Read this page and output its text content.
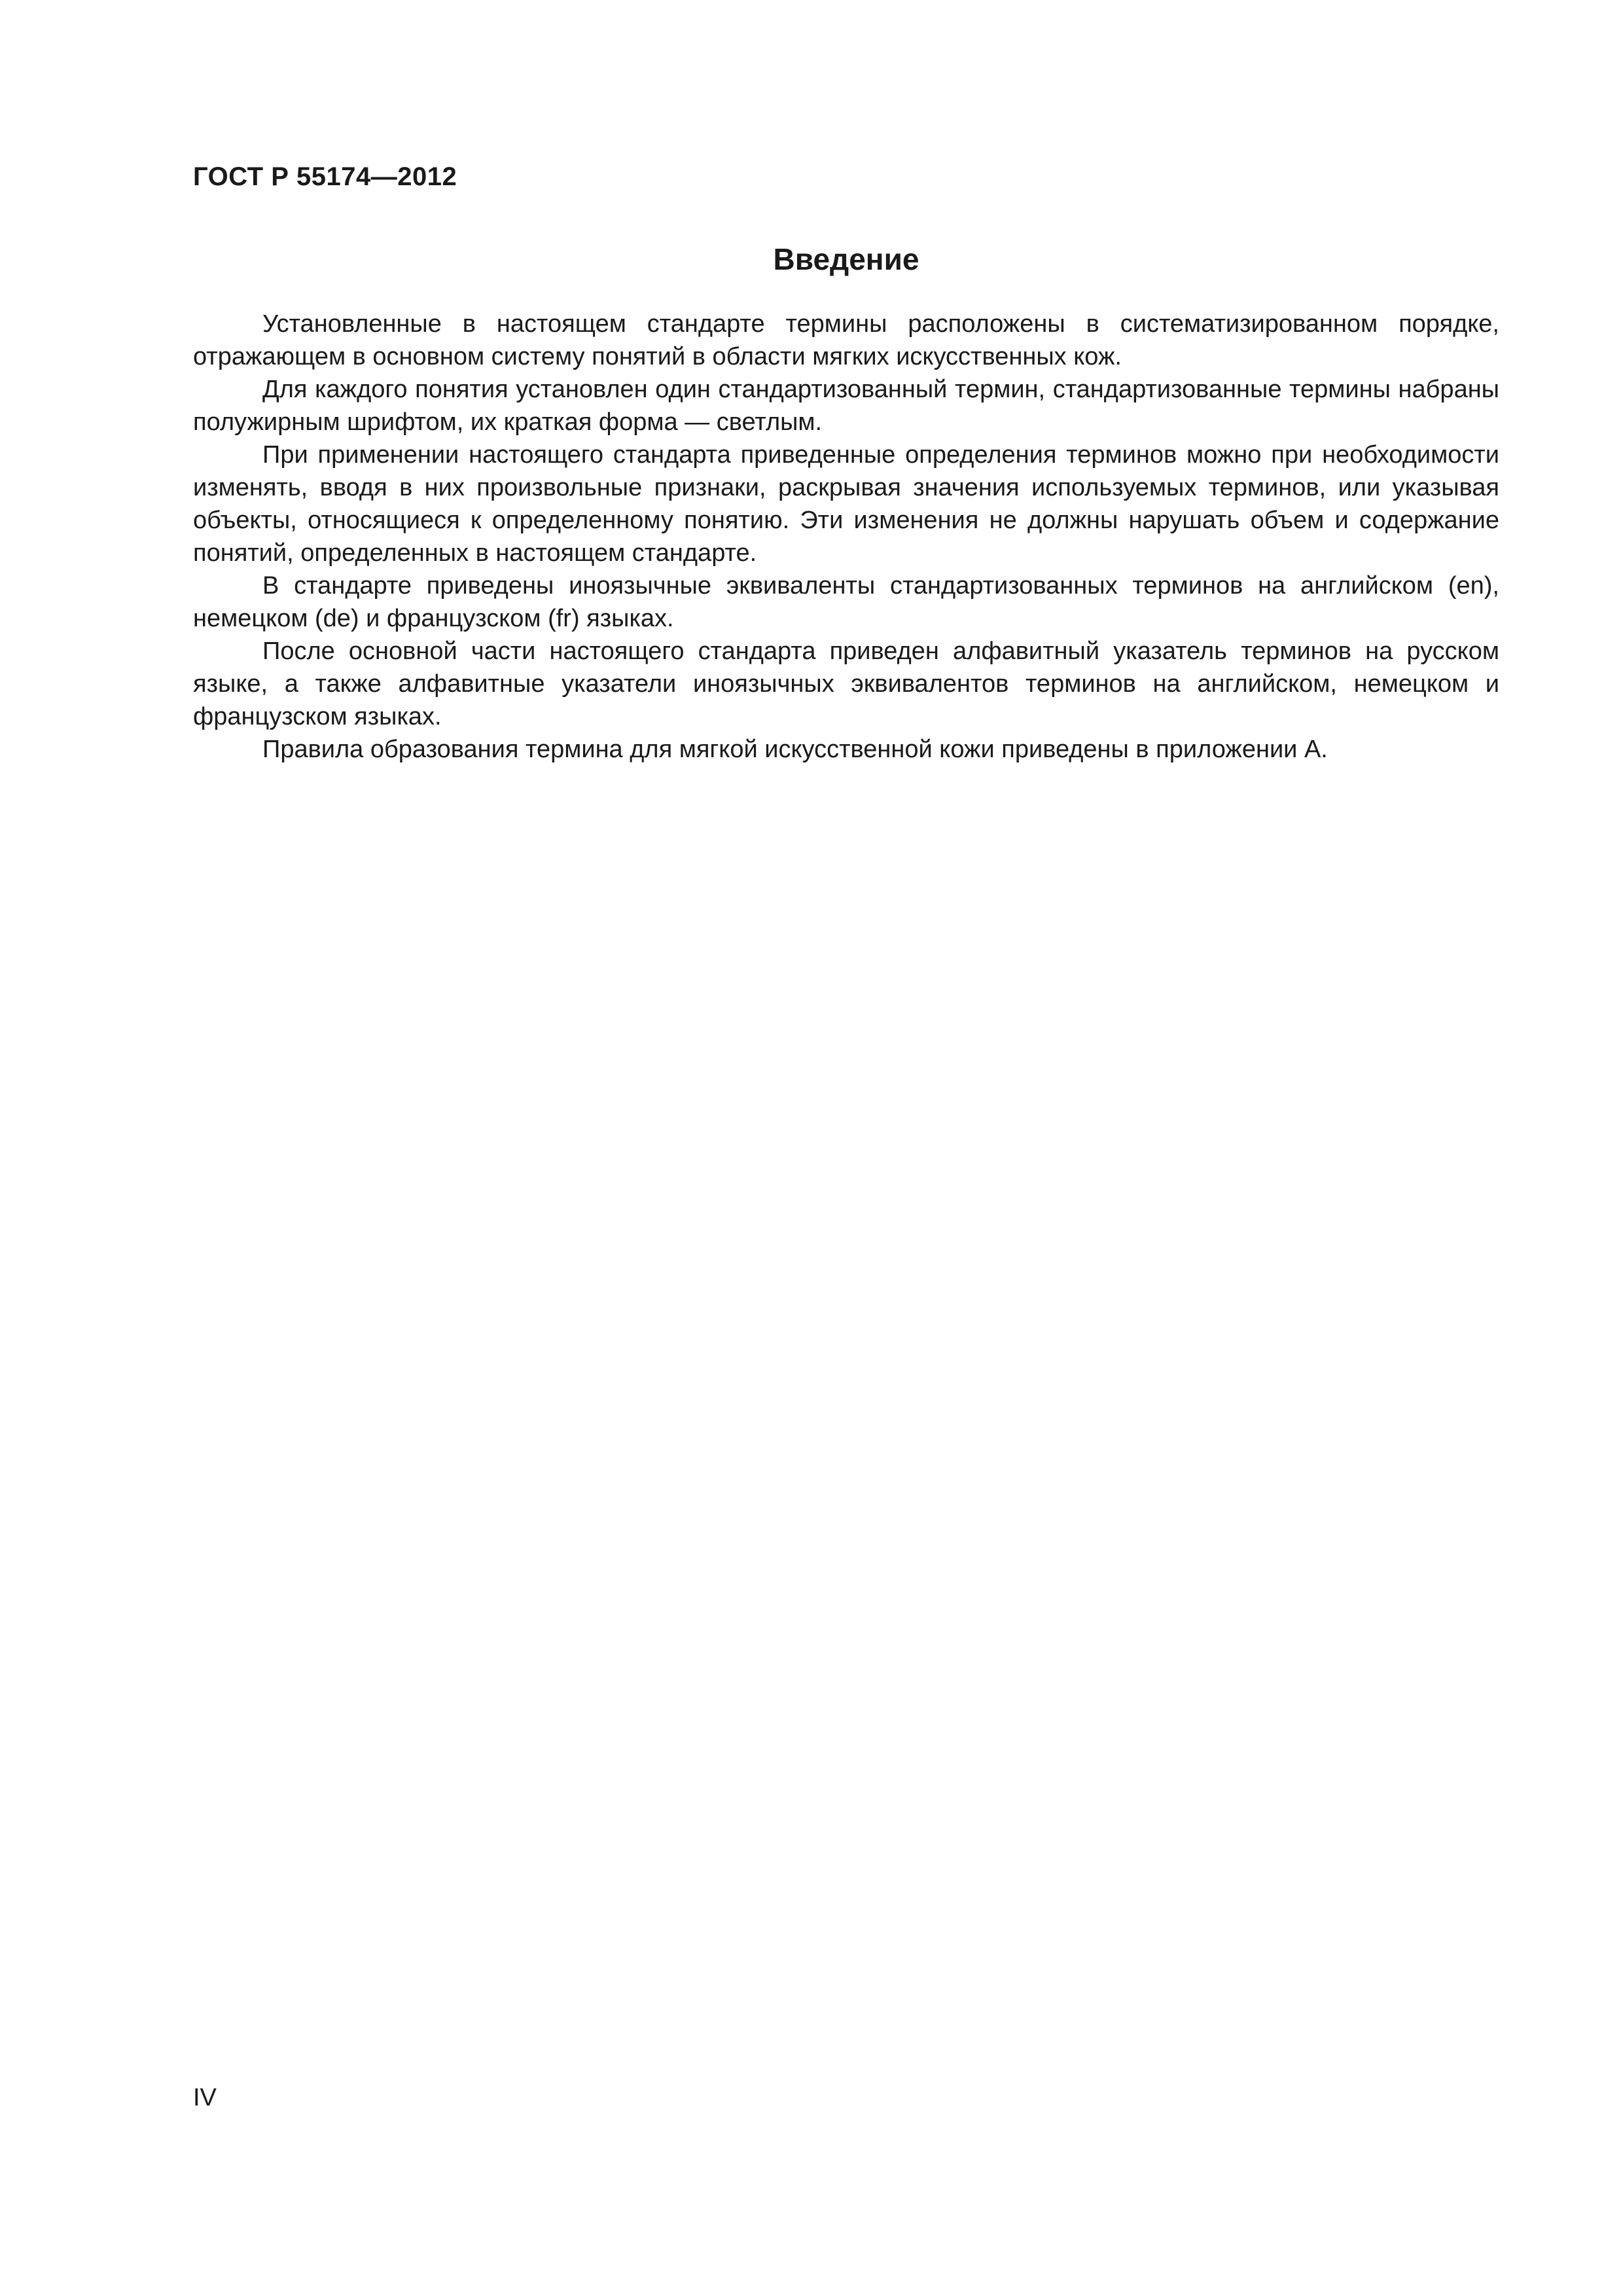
ГОСТ Р 55174—2012
Введение

Установленные в настоящем стандарте термины расположены в систематизированном порядке, отражающем в основном систему понятий в области мягких искусственных кож.

Для каждого понятия установлен один стандартизованный термин, стандартизованные термины набраны полужирным шрифтом, их краткая форма — светлым.

При применении настоящего стандарта приведенные определения терминов можно при необходимости изменять, вводя в них произвольные признаки, раскрывая значения используемых терминов, или указывая объекты, относящиеся к определенному понятию. Эти изменения не должны нарушать объем и содержание понятий, определенных в настоящем стандарте.

В стандарте приведены иноязычные эквиваленты стандартизованных терминов на английском (en), немецком (de) и французском (fr) языках.

После основной части настоящего стандарта приведен алфавитный указатель терминов на русском языке, а также алфавитные указатели иноязычных эквивалентов терминов на английском, немецком и французском языках.

Правила образования термина для мягкой искусственной кожи приведены в приложении А.

IV
